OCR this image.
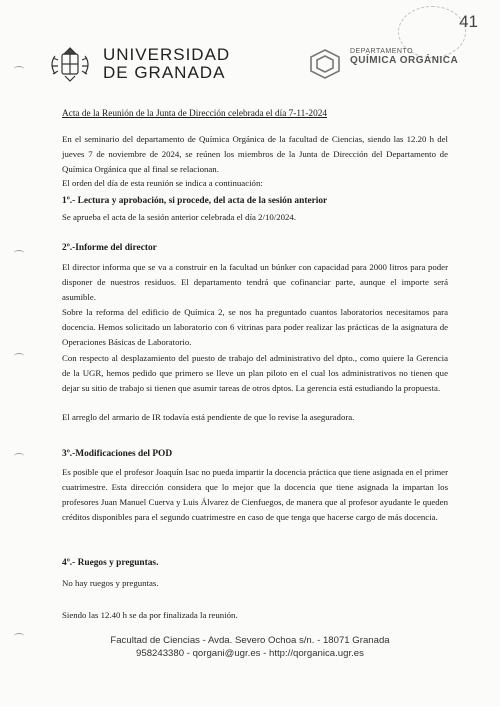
41
UNIVERSIDAD
DE GRANADA
DEPARTAMENTO
QUÍMICA ORGÁNICA
Acta de la Reunión de la Junta de Dirección celebrada el día 7-11-2024
En el seminario del departamento de Química Orgánica de la facultad de Ciencias, siendo las 12.20 h del jueves 7 de noviembre de 2024, se reúnen los miembros de la Junta de Dirección del Departamento de Química Orgánica que al final se relacionan.
El orden del día de esta reunión se indica a continuación:
1º.- Lectura y aprobación, si procede, del acta de la sesión anterior
Se aprueba el acta de la sesión anterior celebrada el día 2/10/2024.
2º.-Informe del director
El director informa que se va a construir en la facultad un búnker con capacidad para 2000 litros para poder disponer de nuestros residuos. El departamento tendrá que cofinanciar parte, aunque el importe será asumible.
Sobre la reforma del edificio de Química 2, se nos ha preguntado cuantos laboratorios necesitamos para docencia. Hemos solicitado un laboratorio con 6 vitrinas para poder realizar las prácticas de la asignatura de Operaciones Básicas de Laboratorio.
Con respecto al desplazamiento del puesto de trabajo del administrativo del dpto., como quiere la Gerencia de la UGR, hemos pedido que primero se lleve un plan piloto en el cual los administrativos no tienen que dejar su sitio de trabajo si tienen que asumir tareas de otros dptos. La gerencia está estudiando la propuesta.
El arreglo del armario de IR todavía está pendiente de que lo revise la aseguradora.
3º.-Modificaciones del POD
Es posible que el profesor Joaquín Isac no pueda impartir la docencia práctica que tiene asignada en el primer cuatrimestre. Esta dirección considera que lo mejor que la docencia que tiene asignada la impartan los profesores Juan Manuel Cuerva y Luis Álvarez de Cienfuegos, de manera que al profesor ayudante le queden créditos disponibles para el segundo cuatrimestre en caso de que tenga que hacerse cargo de más docencia.
4º.- Ruegos y preguntas.
No hay ruegos y preguntas.
Siendo las 12.40 h se da por finalizada la reunión.
Facultad de Ciencias - Avda. Severo Ochoa s/n. - 18071 Granada
958243380 - qorgani@ugr.es - http://qorganica.ugr.es
